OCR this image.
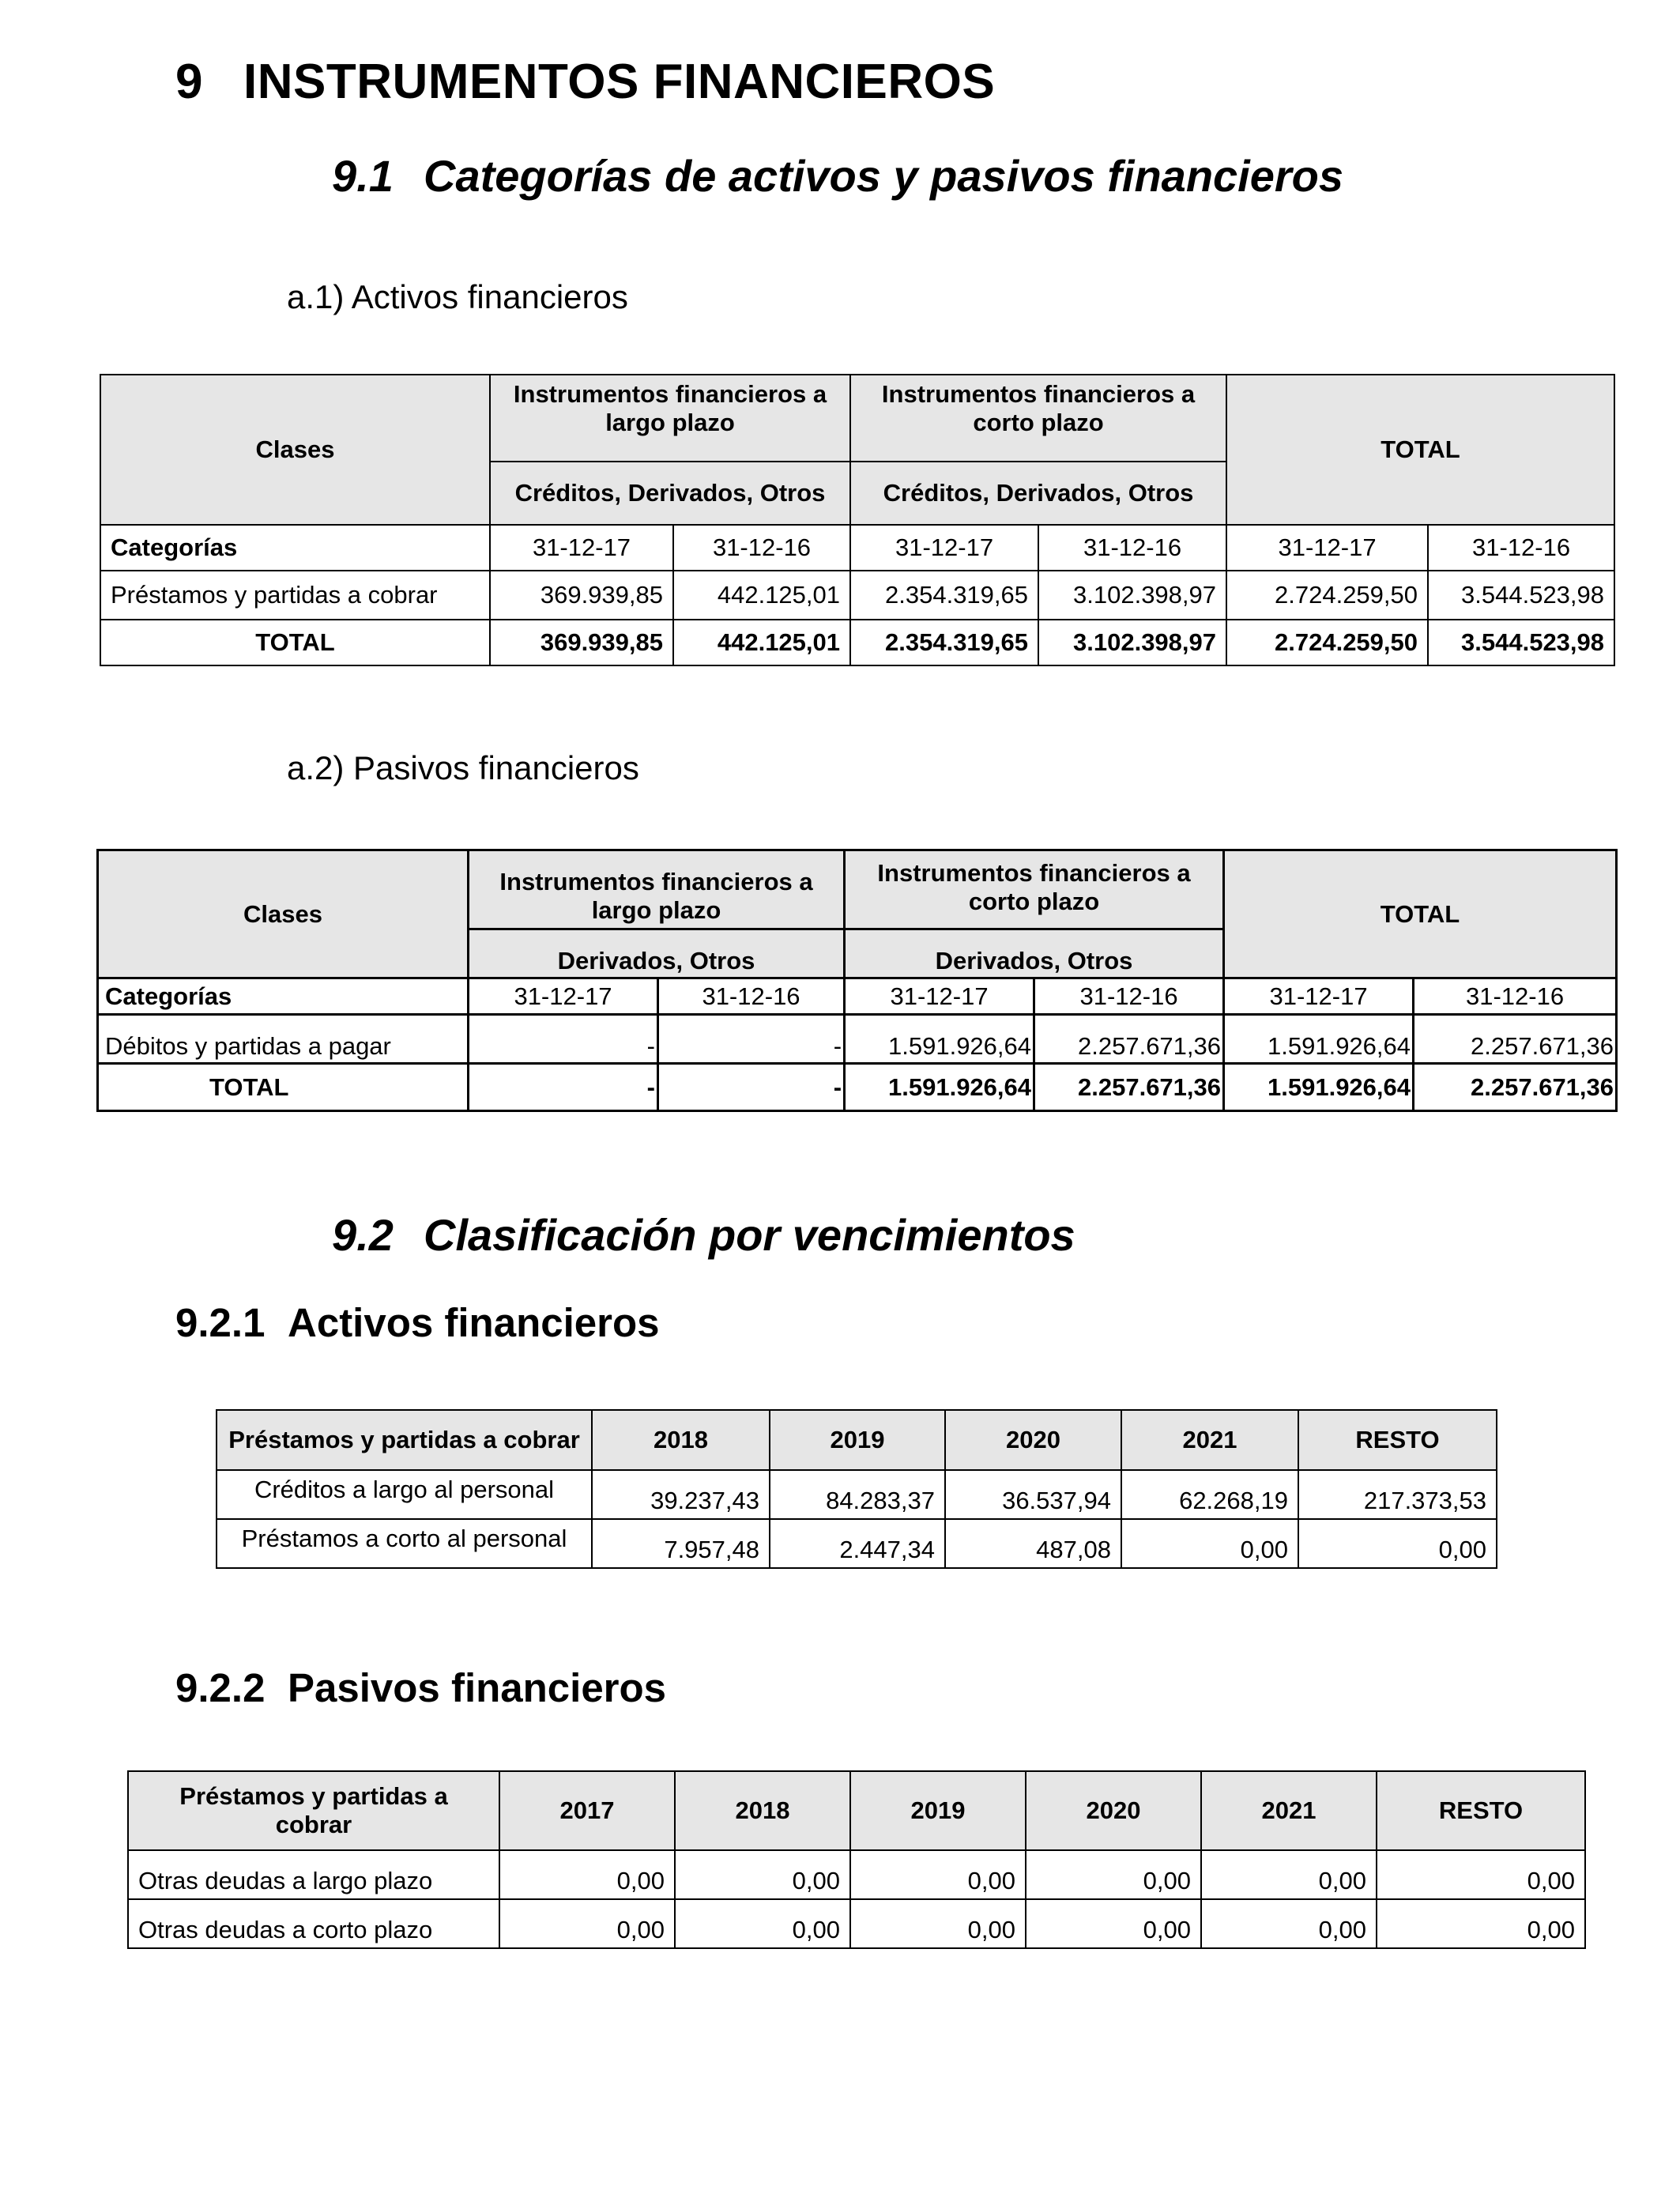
9 INSTRUMENTOS FINANCIEROS
9.1 Categorías de activos y pasivos financieros
a.1) Activos financieros
Clases	Instrumentos financieros a largo plazo		Instrumentos financieros a corto plazo		TOTAL	
	Créditos, Derivados, Otros		Créditos, Derivados, Otros			
Categorías	31-12-17	31-12-16	31-12-17	31-12-16	31-12-17	31-12-16
Préstamos y partidas a cobrar	369.939,85	442.125,01	2.354.319,65	3.102.398,97	2.724.259,50	3.544.523,98
TOTAL	369.939,85	442.125,01	2.354.319,65	3.102.398,97	2.724.259,50	3.544.523,98
a.2) Pasivos financieros
Clases	Instrumentos financieros a largo plazo		Instrumentos financieros a corto plazo		TOTAL	
	Derivados, Otros		Derivados, Otros			
Categorías	31-12-17	31-12-16	31-12-17	31-12-16	31-12-17	31-12-16
Débitos y partidas a pagar	-	-	1.591.926,64	2.257.671,36	1.591.926,64	2.257.671,36
TOTAL	-	-	1.591.926,64	2.257.671,36	1.591.926,64	2.257.671,36
9.2 Clasificación por vencimientos
9.2.1 Activos financieros
Préstamos y partidas a cobrar	2018	2019	2020	2021	RESTO
Créditos a largo al personal	39.237,43	84.283,37	36.537,94	62.268,19	217.373,53
Préstamos a corto al personal	7.957,48	2.447,34	487,08	0,00	0,00
9.2.2 Pasivos financieros
Préstamos y partidas a cobrar	2017	2018	2019	2020	2021	RESTO
Otras deudas a largo plazo	0,00	0,00	0,00	0,00	0,00	0,00
Otras deudas a corto plazo	0,00	0,00	0,00	0,00	0,00	0,00
